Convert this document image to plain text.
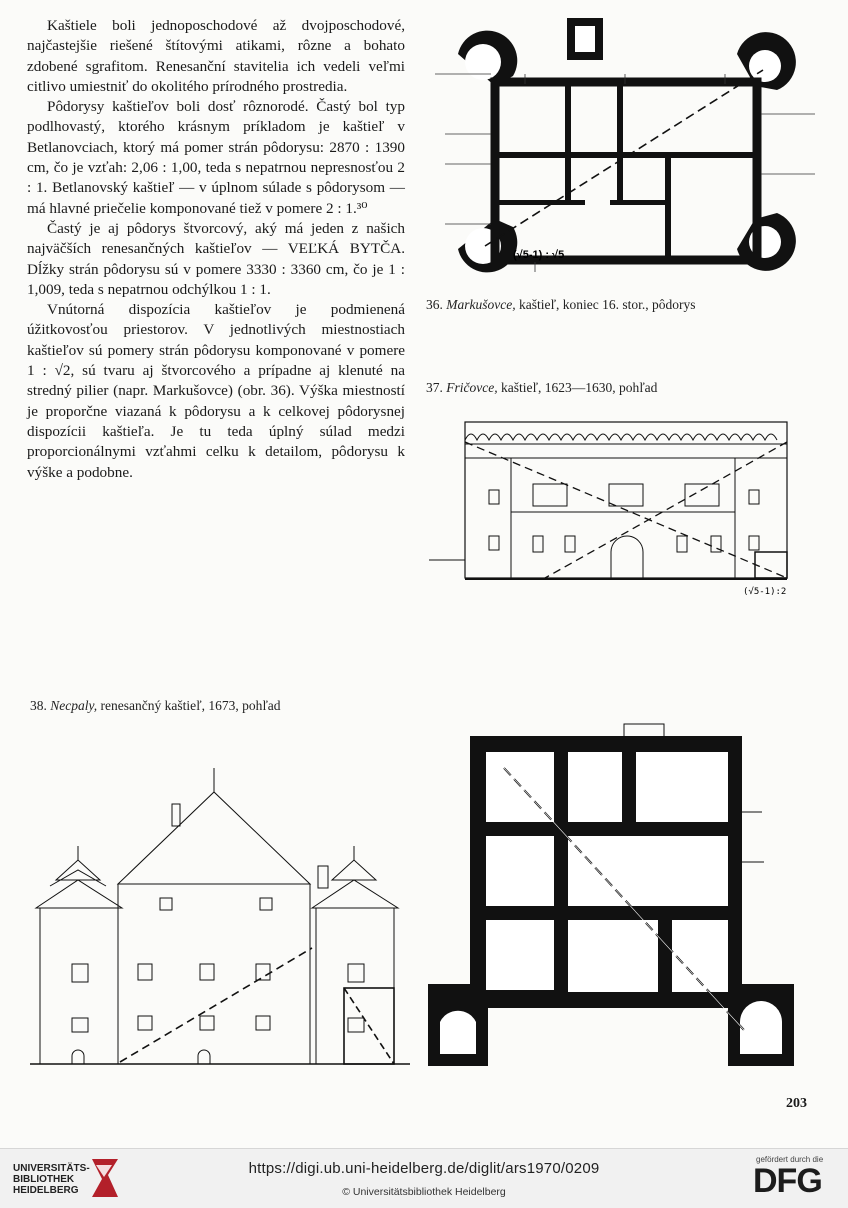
Kaštiele boli jednoposchodové až dvojposchodové, najčastejšie riešené štítovými atikami, rôzne a bohato zdobené sgrafitom. Renesanční stavitelia ich vedeli veľmi citlivo umiestniť do okolitého prírodného prostredia.

Pôdorysy kaštieľov boli dosť rôznorodé. Častý bol typ podlhovastý, ktorého krásnym príkladom je kaštieľ v Betlanovciach, ktorý má pomer strán pôdorysu: 2870 : 1390 cm, čo je vzťah: 2,06 : 1,00, teda s nepatrnou nepresnosťou 2 : 1. Betlanovský kaštieľ — v úplnom súlade s pôdorysom — má hlavné priečelie komponované tiež v pomere 2 : 1.³⁰

Častý je aj pôdorys štvorcový, aký má jeden z našich najväčších renesančných kaštieľov — VEĽKÁ BYTČA. Dĺžky strán pôdorysu sú v pomere 3330 : 3360 cm, čo je 1 : 1,009, teda s nepatrnou odchýlkou 1 : 1.

Vnútorná dispozícia kaštieľov je podmienená úžitkovosťou priestorov. V jednotlivých miestnostiach kaštieľov sú pomery strán pôdorysu komponované v pomere 1 : √2, sú tvaru aj štvorcového a prípadne aj klenuté na stredný pilier (napr. Markušovce) (obr. 36). Výška miestností je proporčne viazaná k pôdorysu a k celkovej pôdorysnej dispozícii kaštieľa. Je tu teda úplný súlad medzi proporcionálnymi vzťahmi celku k detailom, pôdorysu k výške a podobne.

(√5-1) : √5
36. Markušovce, kaštieľ, koniec 16. stor., pôdorys
37. Fričovce, kaštieľ, 1623—1630, pohľad
(√5-1):2
38. Necpaly, renesančný kaštieľ, 1673, pohľad
203
UNIVERSITÄTS-
BIBLIOTHEK
HEIDELBERG
https://digi.ub.uni-heidelberg.de/diglit/ars1970/0209
© Universitätsbibliothek Heidelberg
gefördert durch die
DFG
